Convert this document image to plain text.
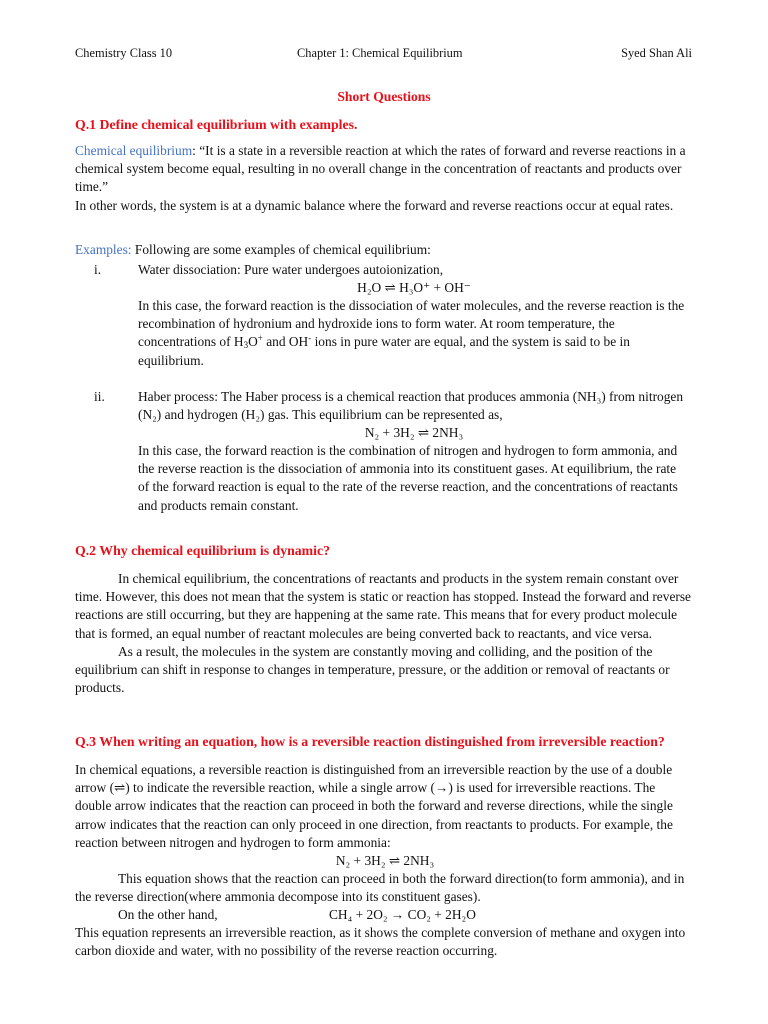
Chemistry Class 10	Chapter 1: Chemical Equilibrium	Syed Shan Ali
Short Questions
Q.1 Define chemical equilibrium with examples.

Chemical equilibrium: “It is a state in a reversible reaction at which the rates of forward and reverse reactions in a chemical system become equal, resulting in no overall change in the concentration of reactants and products over time.”

In other words, the system is at a dynamic balance where the forward and reverse reactions occur at equal rates.

Examples: Following are some examples of chemical equilibrium:

i.	Water dissociation: Pure water undergoes autoionization,

H₂O ⇌ H₃O⁺ + OH⁻

In this case, the forward reaction is the dissociation of water molecules, and the reverse reaction is the recombination of hydronium and hydroxide ions to form water. At room temperature, the concentrations of $H_3O^+$ and OH- ions in pure water are equal, and the system is said to be in equilibrium.

ii. Haber process: The Haber process is a chemical reaction that produces ammonia (NH₃) from nitrogen (N₂) and hydrogen (H₂) gas. This equilibrium can be represented as,
N₂ + 3H₂ ⇌ 2NH₃
In this case, the forward reaction is the combination of nitrogen and hydrogen to form ammonia, and the reverse reaction is the dissociation of ammonia into its constituent gases. At equilibrium, the rate of the forward reaction is equal to the rate of the reverse reaction, and the concentrations of reactants and products remain constant.
Q.2 Why chemical equilibrium is dynamic?

In chemical equilibrium, the concentrations of reactants and products in the system remain constant over time. However, this does not mean that the system is static or reaction has stopped. Instead the forward and reverse reactions are still occurring, but they are happening at the same rate. This means that for every product molecule that is formed, an equal number of reactant molecules are being converted back to reactants, and vice versa.

As a result, the molecules in the system are constantly moving and colliding, and the position of the equilibrium can shift in response to changes in temperature, pressure, or the addition or removal of reactants or products.

Q.3 When writing an equation, how is a reversible reaction distinguished from irreversible reaction?
In chemical equations, a reversible reaction is distinguished from an irreversible reaction by the use of a double arrow (⇌) to indicate the reversible reaction, while a single arrow (→) is used for irreversible reactions. The double arrow indicates that the reaction can proceed in both the forward and reverse directions, while the single arrow indicates that the reaction can only proceed in one direction, from reactants to products. For example, the reaction between nitrogen and hydrogen to form ammonia:
N₂ + 3H₂ ⇌ 2NH₃

This equation shows that the reaction can proceed in both the forward direction(to form ammonia), and in the reverse direction(where ammonia decompose into its constituent gases).

On the other hand,	CH₄ + 2O₂ → CO₂ + 2H₂O
This equation represents an irreversible reaction, as it shows the complete conversion of methane and oxygen into carbon dioxide and water, with no possibility of the reverse reaction occurring.
